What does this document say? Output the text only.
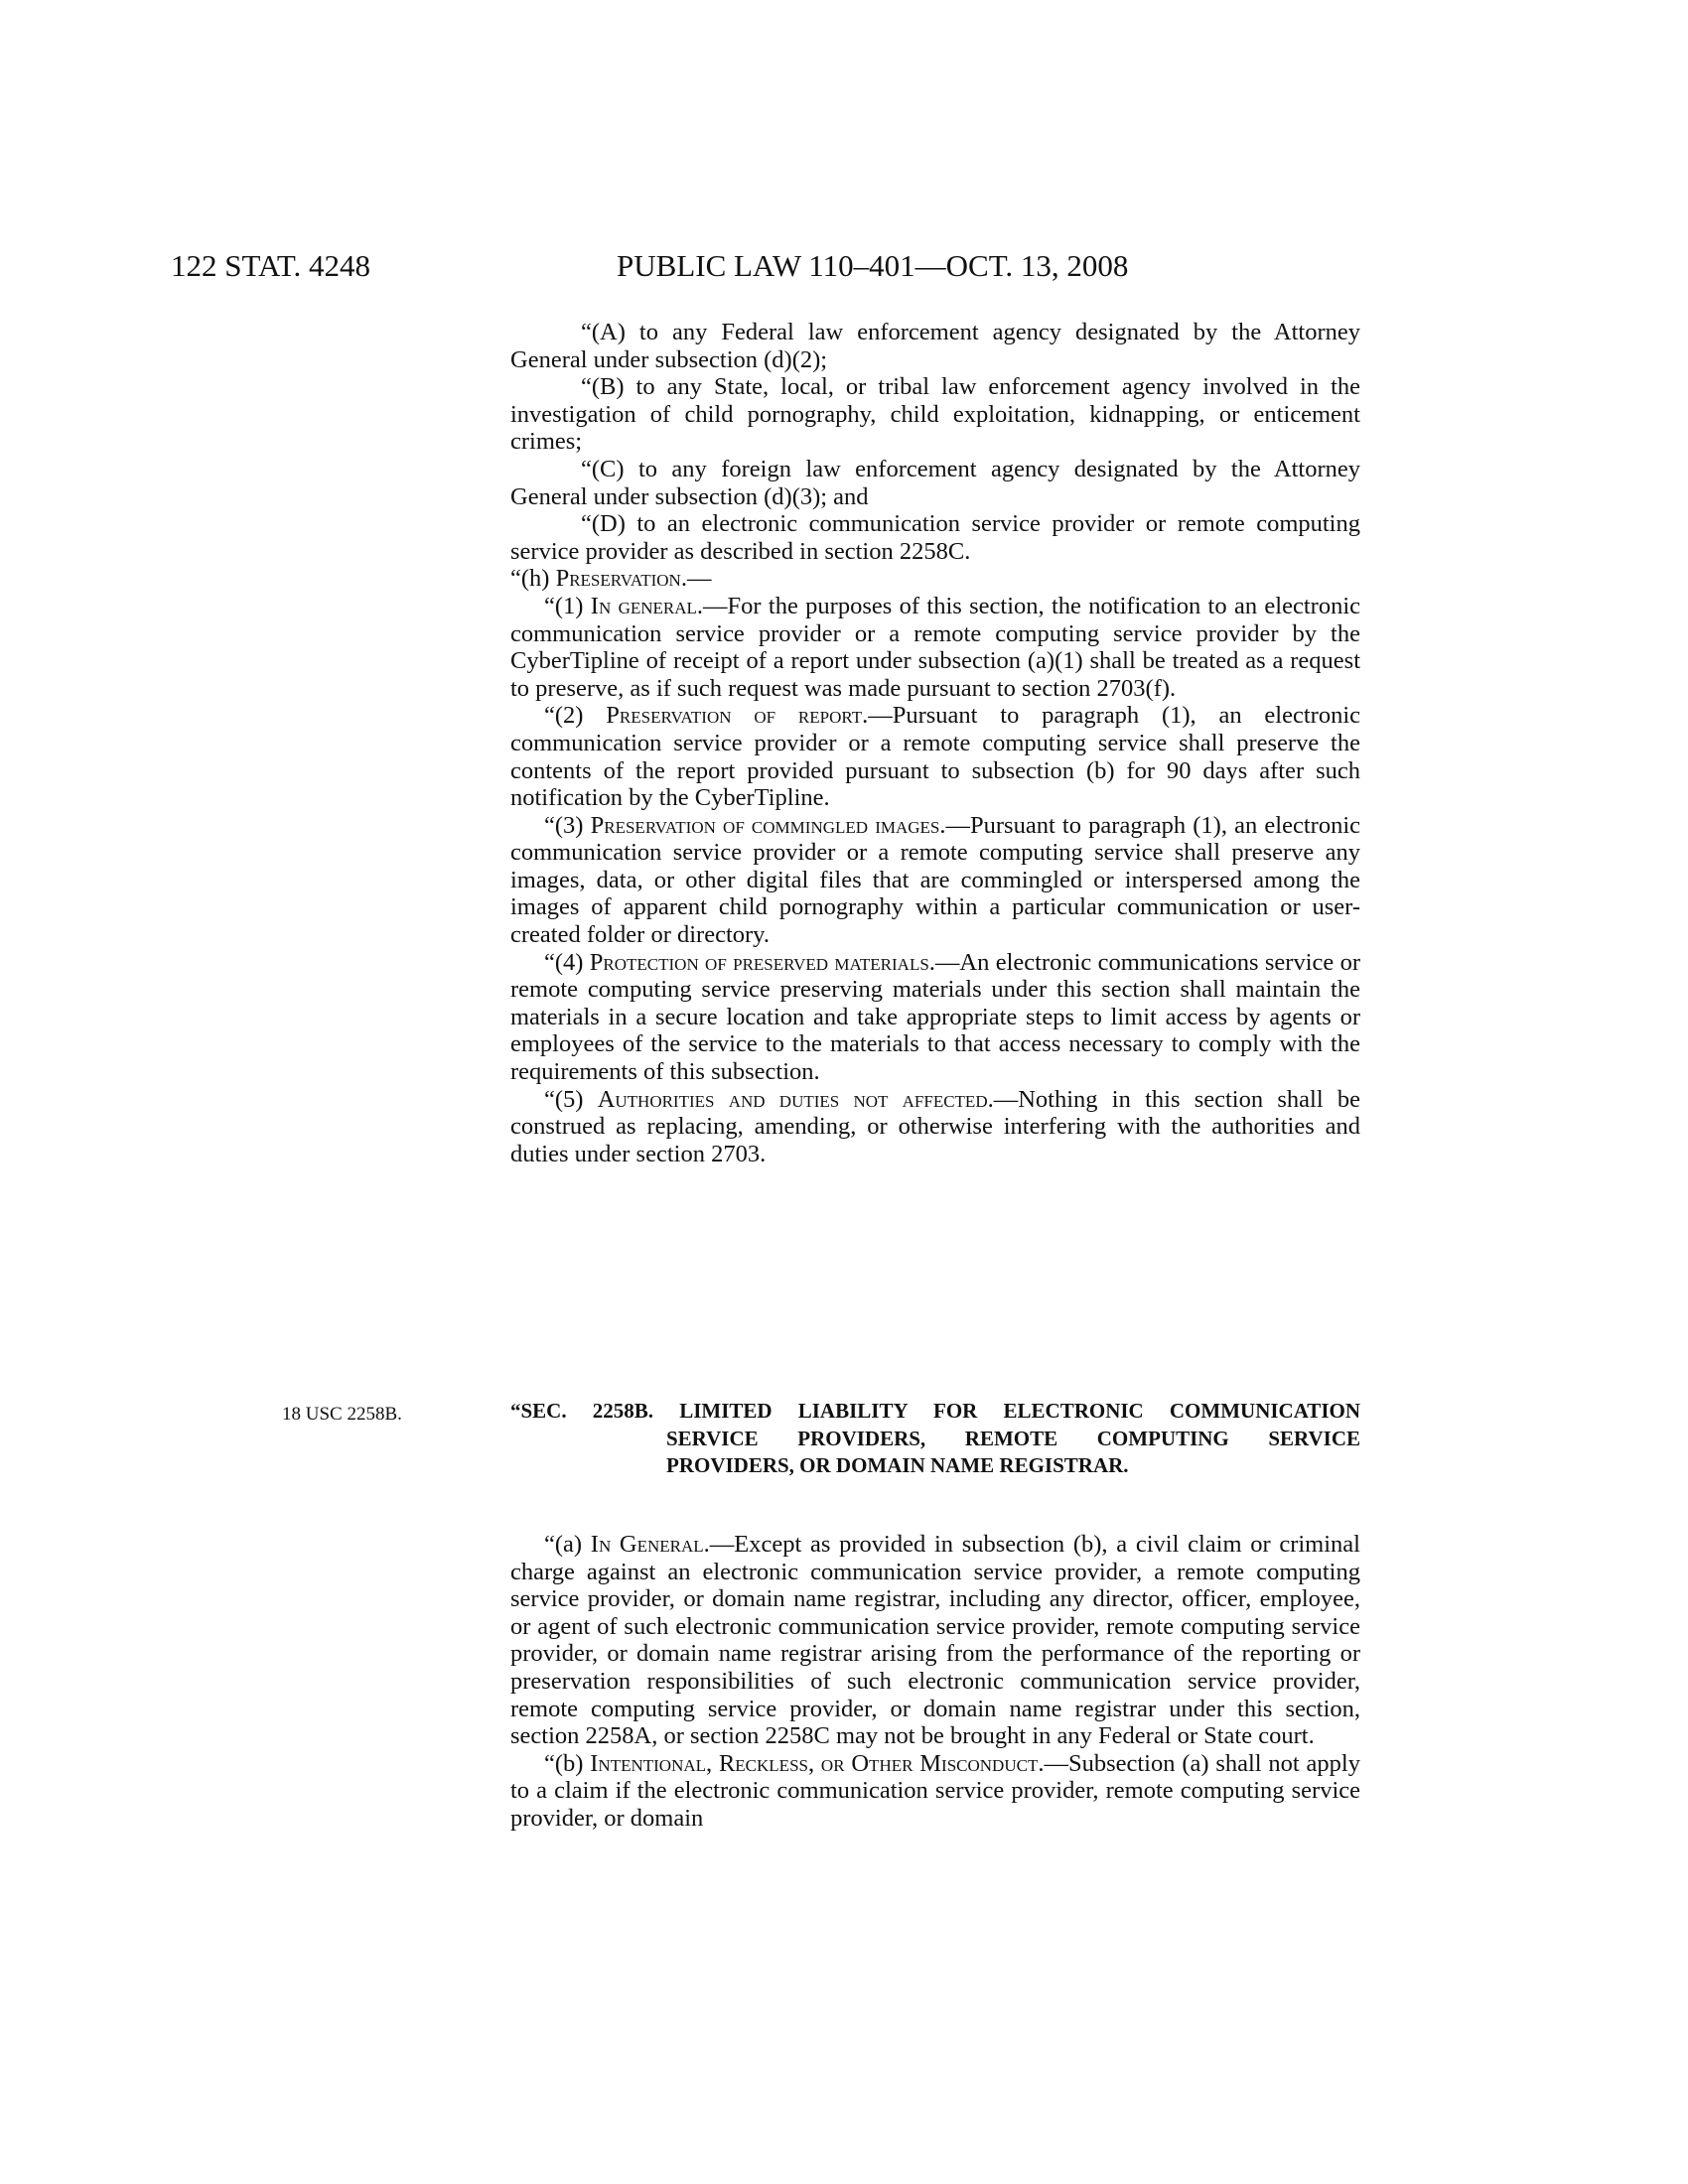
122 STAT. 4248	PUBLIC LAW 110–401—OCT. 13, 2008

“(A) to any Federal law enforcement agency designated by the Attorney General under subsection (d)(2);

“(B) to any State, local, or tribal law enforcement agency involved in the investigation of child pornography, child exploitation, kidnapping, or enticement crimes;

“(C) to any foreign law enforcement agency designated by the Attorney General under subsection (d)(3); and

“(D) to an electronic communication service provider or remote computing service provider as described in section 2258C.

“(h) Preservation.—

“(1) In general.—For the purposes of this section, the notification to an electronic communication service provider or a remote computing service provider by the CyberTipline of receipt of a report under subsection (a)(1) shall be treated as a request to preserve, as if such request was made pursuant to section 2703(f).

“(2) Preservation of report.—Pursuant to paragraph (1), an electronic communication service provider or a remote computing service shall preserve the contents of the report provided pursuant to subsection (b) for 90 days after such notification by the CyberTipline.

“(3) Preservation of commingled images.—Pursuant to paragraph (1), an electronic communication service provider or a remote computing service shall preserve any images, data, or other digital files that are commingled or interspersed among the images of apparent child pornography within a particular communication or user-created folder or directory.

“(4) Protection of preserved materials.—An electronic communications service or remote computing service preserving materials under this section shall maintain the materials in a secure location and take appropriate steps to limit access by agents or employees of the service to the materials to that access necessary to comply with the requirements of this subsection.

“(5) Authorities and duties not affected.—Nothing in this section shall be construed as replacing, amending, or otherwise interfering with the authorities and duties under section 2703.

18 USC 2258B.	“SEC. 2258B. LIMITED LIABILITY FOR ELECTRONIC COMMUNICATION
SERVICE PROVIDERS, REMOTE COMPUTING SERVICE
PROVIDERS, OR DOMAIN NAME REGISTRAR.

“(a) In General.—Except as provided in subsection (b), a civil claim or criminal charge against an electronic communication service provider, a remote computing service provider, or domain name registrar, including any director, officer, employee, or agent of such electronic communication service provider, remote computing service provider, or domain name registrar arising from the performance of the reporting or preservation responsibilities of such electronic communication service provider, remote computing service provider, or domain name registrar under this section, section 2258A, or section 2258C may not be brought in any Federal or State court.

“(b) Intentional, Reckless, or Other Misconduct.—Subsection (a) shall not apply to a claim if the electronic communication service provider, remote computing service provider, or domain
